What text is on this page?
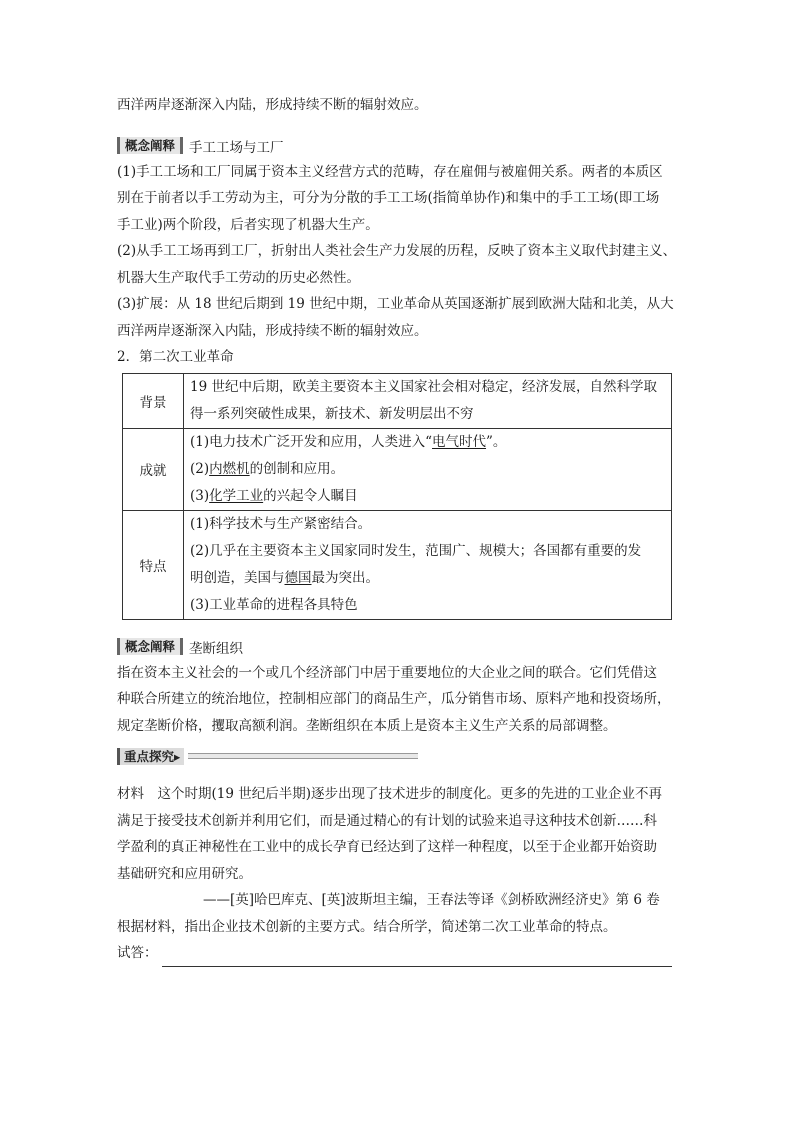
西洋两岸逐渐深入内陆，形成持续不断的辐射效应。
概念阐释	手工工场与工厂
(1)手工工场和工厂同属于资本主义经营方式的范畴，存在雇佣与被雇佣关系。两者的本质区
别在于前者以手工劳动为主，可分为分散的手工工场(指简单协作)和集中的手工工场(即工场
手工业)两个阶段，后者实现了机器大生产。
(2)从手工工场再到工厂，折射出人类社会生产力发展的历程，反映了资本主义取代封建主义、
机器大生产取代手工劳动的历史必然性。
(3)扩展：从 18 世纪后期到 19 世纪中期，工业革命从英国逐渐扩展到欧洲大陆和北美，从大
西洋两岸逐渐深入内陆，形成持续不断的辐射效应。
2．第二次工业革命
背景	19 世纪中后期，欧美主要资本主义国家社会相对稳定，经济发展，自然科学取得一系列突破性成果，新技术、新发明层出不穷
成就	(1)电力技术广泛开发和应用，人类进入“电气时代”。
(2)内燃机的创制和应用。
(3)化学工业的兴起令人瞩目

特点	(1)科学技术与生产紧密结合。
(2)几乎在主要资本主义国家同时发生，范围广、规模大；各国都有重要的发
明创造，美国与德国最为突出。
(3)工业革命的进程各具特色
概念阐释	垄断组织
指在资本主义社会的一个或几个经济部门中居于重要地位的大企业之间的联合。它们凭借这
种联合所建立的统治地位，控制相应部门的商品生产，瓜分销售市场、原料产地和投资场所，
规定垄断价格，攫取高额利润。垄断组织在本质上是资本主义生产关系的局部调整。
重点探究▸
材料　这个时期(19 世纪后半期)逐步出现了技术进步的制度化。更多的先进的工业企业不再
满足于接受技术创新并利用它们，而是通过精心的有计划的试验来追寻这种技术创新……科
学盈利的真正神秘性在工业中的成长孕育已经达到了这样一种程度，以至于企业都开始资助
基础研究和应用研究。
——[英]哈巴库克、[英]波斯坦主编，王春法等译《剑桥欧洲经济史》第 6 卷
根据材料，指出企业技术创新的主要方式。结合所学，简述第二次工业革命的特点。
试答：
